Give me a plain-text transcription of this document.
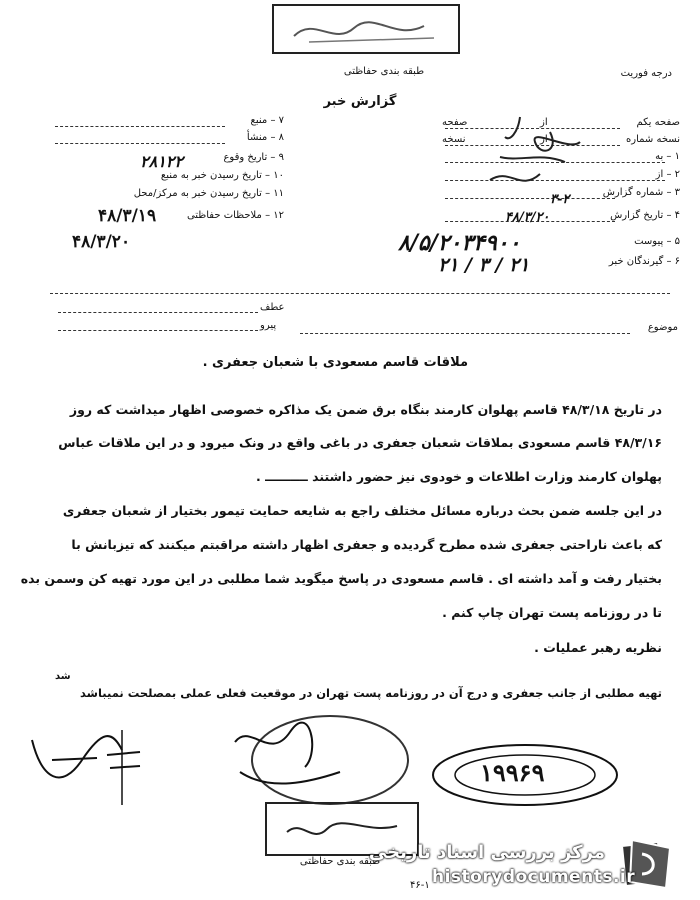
طبقه بندی حفاظتی	درجه فوریت
گزارش خبر
صفحه یکم
از
صفحه
نسخه شماره
از
نسخه
۱ – به
۲ – از
۳ – شماره گزارش
۴ – تاریخ گزارش
۵ – پیوست
۶ – گیرندگان خبر
۷ – منبع
۸ – منشأ
۹ – تاریخ وقوع
۱۰ – تاریخ رسیدن خبر به منبع
۱۱ – تاریخ رسیدن خبر به مرکز/محل
۱۲ – ملاحظات حفاظتی
۲۸۱۲۲
۴۸/۳/۱۹
۴۸/۳/۲۰
۳-۲
۴۸/۳/۲۰
۸/۵/۲۰۳۴۹۰۰
۲۱ / ۳ / ۲۱
عطف
پیرو	موضوع
ملاقات قاسم مسعودی با شعبان جعفری .
در تاریخ ۴۸/۳/۱۸ قاسم پهلوان کارمند بنگاه برق ضمن یک مذاکره خصوصی اظهار میداشت که روز
۴۸/۳/۱۶ قاسم مسعودی بملاقات شعبان جعفری در باغی واقع در ونک میرود و در این ملاقات عباس
پهلوان کارمند وزارت اطلاعات و خودوی نیز حضور داشتند ــــــــــ .
در این جلسه ضمن بحث درباره مسائل مختلف راجع به شایعه حمایت تیمور بختیار از شعبان جعفری
که باعث ناراحتی جعفری شده مطرح گردیده و جعفری اظهار داشته مراقبتم میکنند که تیزبانش با
بختیار رفت و آمد داشته ای . قاسم مسعودی در پاسخ میگوید شما مطلبی در این مورد تهیه کن وسمن بده
تا در روزنامه پست تهران چاپ کنم .
نظریه رهبر عملیات .
شد
تهیه مطلبی از جانب جعفری و درج آن در روزنامه پست تهران در موقعیت فعلی عملی بمصلحت نمیباشد
طبقه بندی حفاظتی
۱۹۹۶۹
مرکز بررسی اسناد تاریخی
historydocuments.ir
۴۶-۱
